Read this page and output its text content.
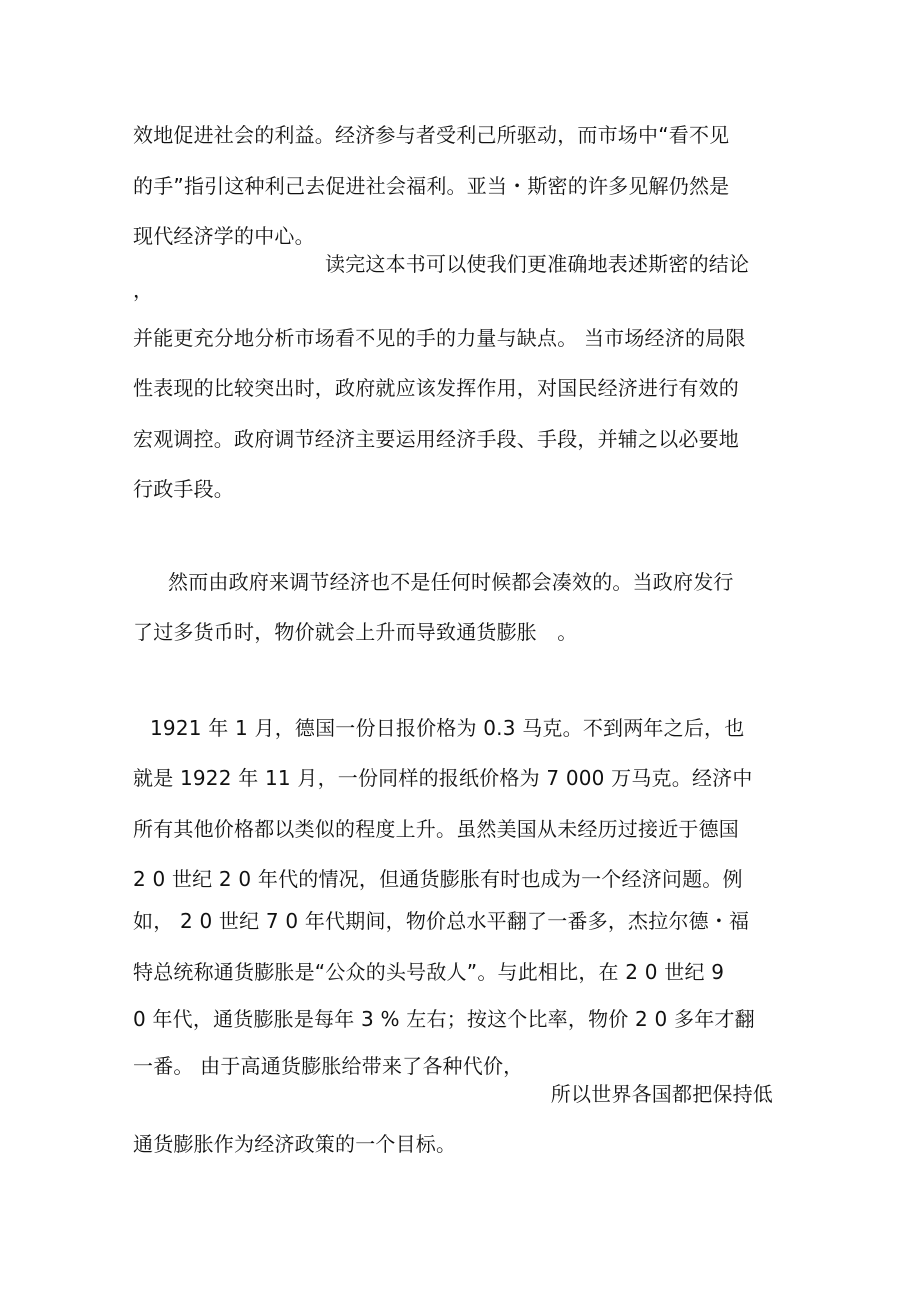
效地促进社会的利益。经济参与者受利己所驱动，而市场中“看不见
的手”指引这种利己去促进社会福利。亚当・斯密的许多见解仍然是
现代经济学的中心。
读完这本书可以使我们更准确地表述斯密的结论
，
并能更充分地分析市场看不见的手的力量与缺点。 当市场经济的局限
性表现的比较突出时，政府就应该发挥作用，对国民经济进行有效的
宏观调控。政府调节经济主要运用经济手段、手段，并辅之以必要地
行政手段。
然而由政府来调节经济也不是任何时候都会凑效的。当政府发行
了过多货币时，物价就会上升而导致通货膨胀　。
1921 年 1 月，德国一份日报价格为 0.3 马克。不到两年之后，也
就是 1922 年 11 月，一份同样的报纸价格为 7 000 万马克。经济中
所有其他价格都以类似的程度上升。虽然美国从未经历过接近于德国
2 0 世纪 2 0 年代的情况，但通货膨胀有时也成为一个经济问题。例
如， 2 0 世纪 7 0 年代期间，物价总水平翻了一番多，杰拉尔德・福
特总统称通货膨胀是“公众的头号敌人”。与此相比，在 2 0 世纪 9
0 年代，通货膨胀是每年 3 % 左右；按这个比率，物价 2 0 多年才翻
一番。 由于高通货膨胀给带来了各种代价，
所以世界各国都把保持低
通货膨胀作为经济政策的一个目标。
